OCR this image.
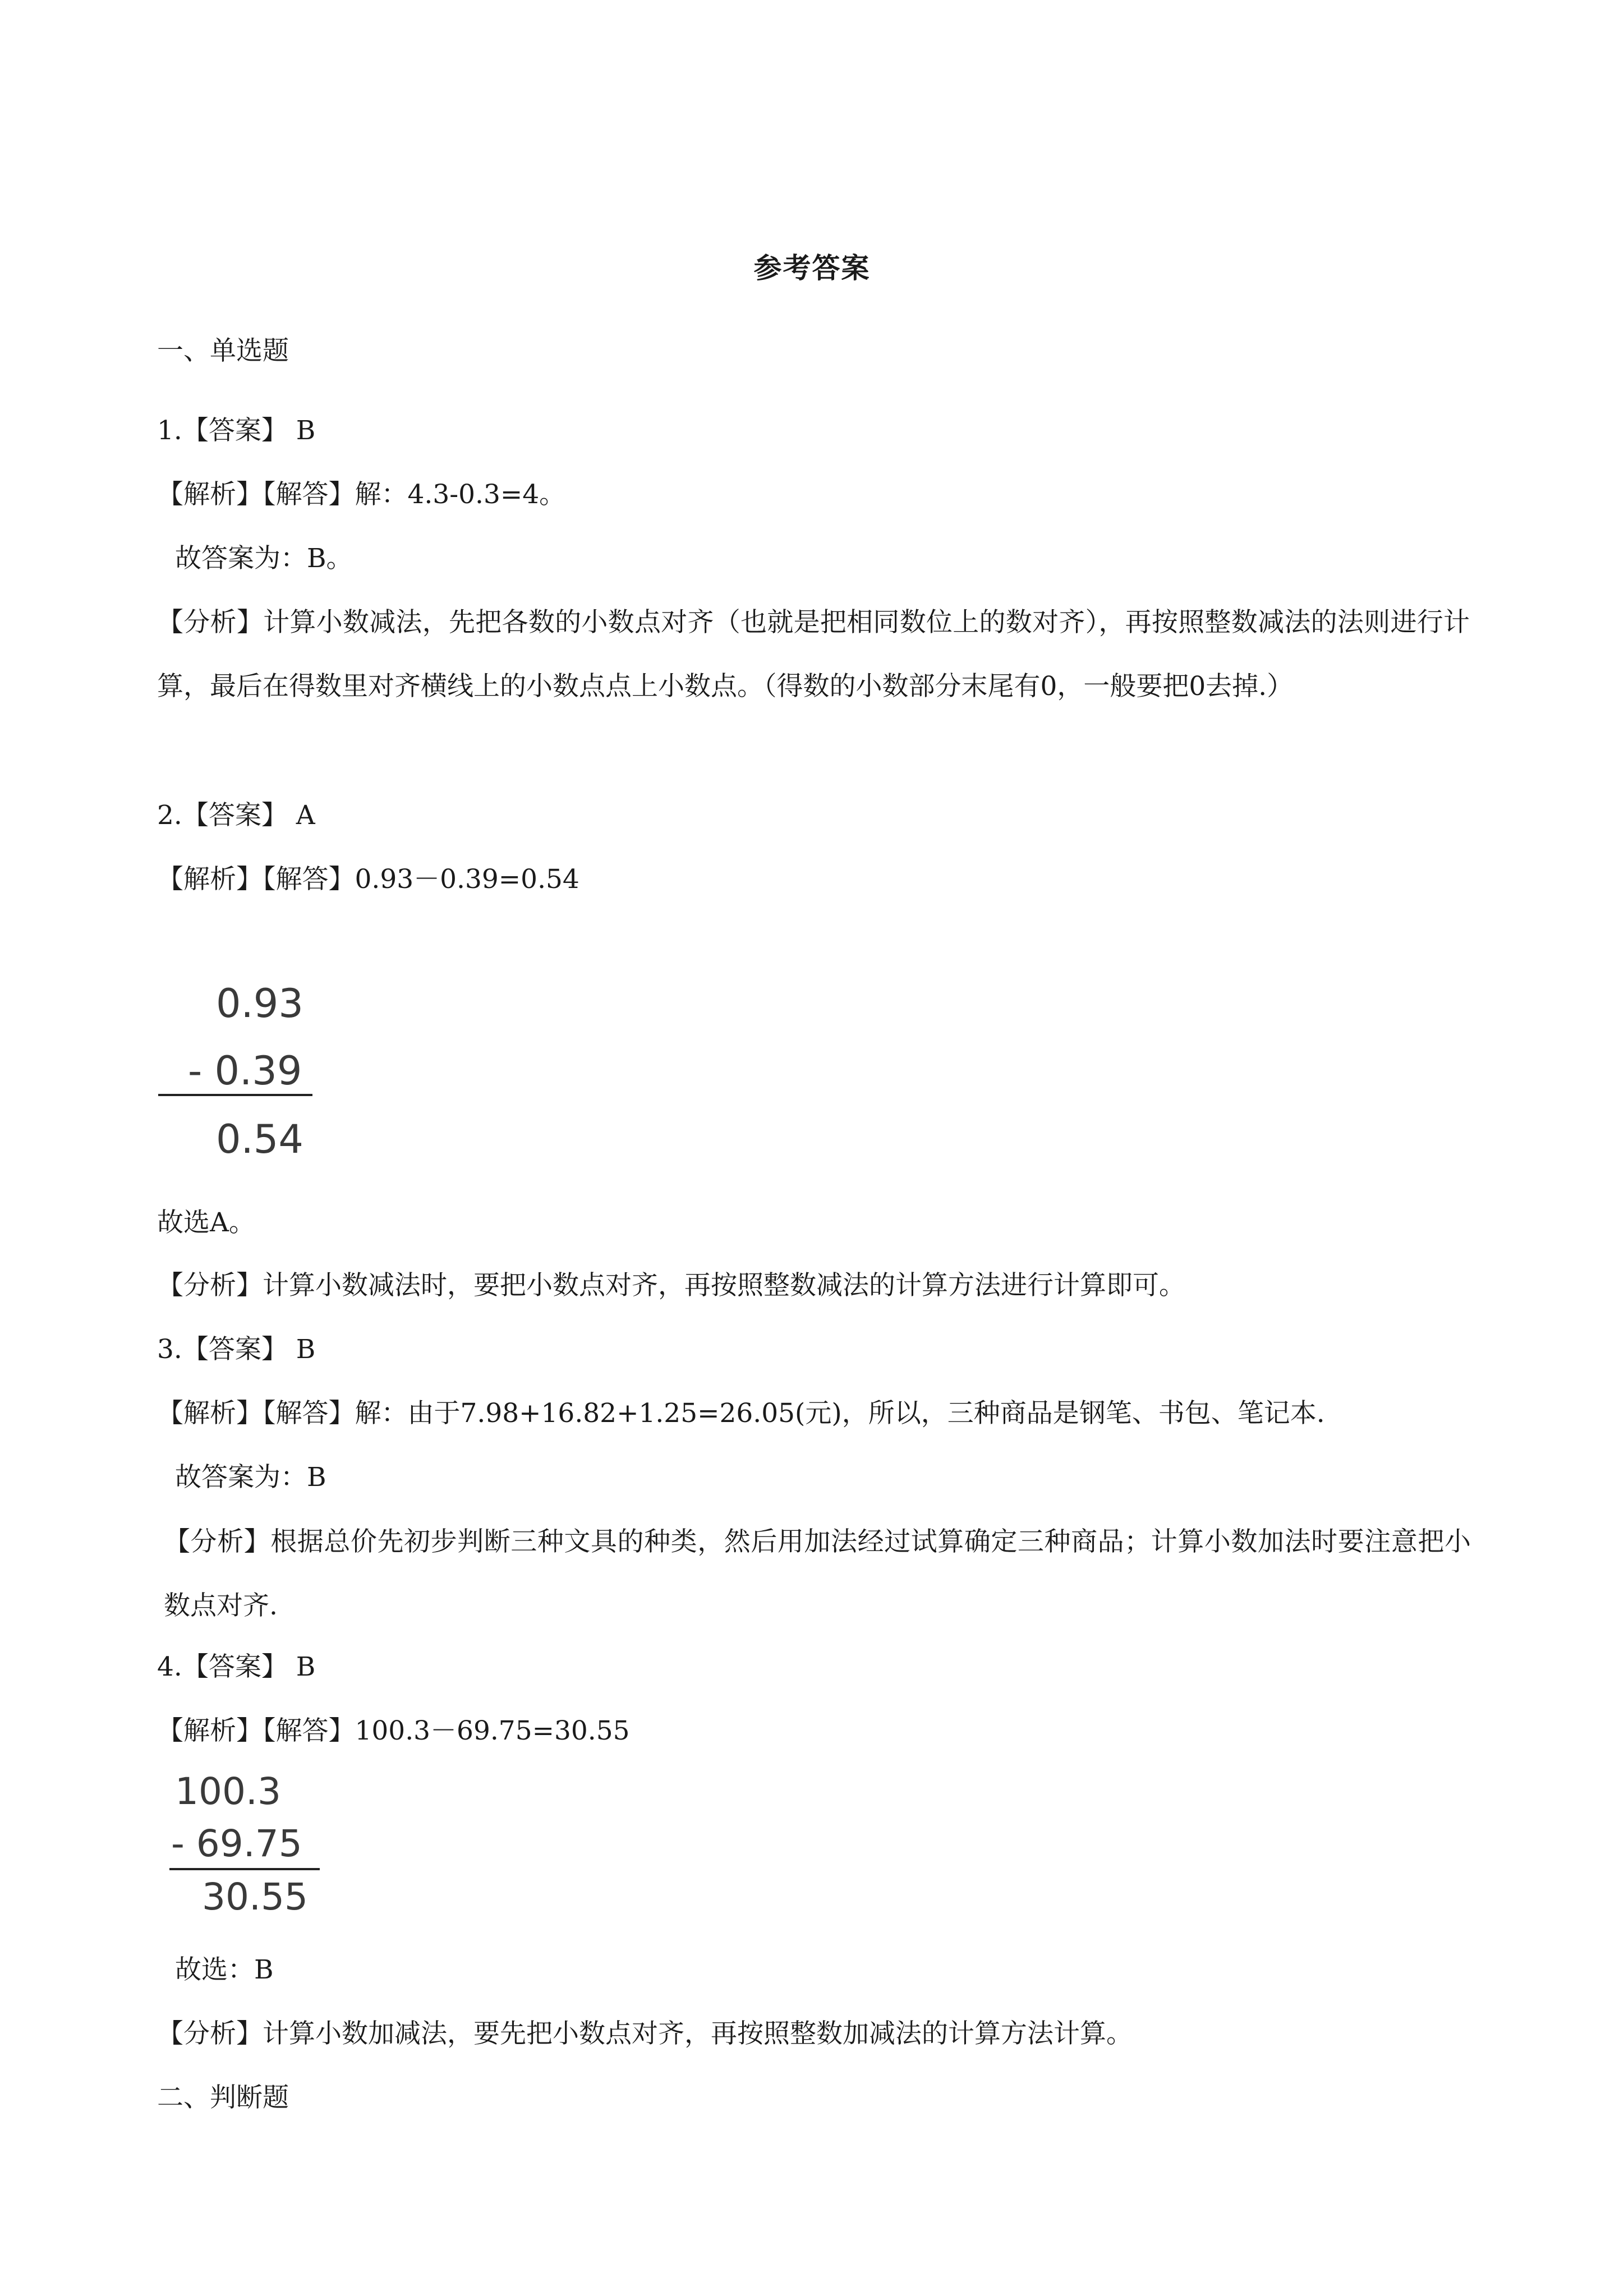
参考答案
一、单选题
1.【答案】 B
【解析】【解答】解：4.3-0.3=4。
故答案为：B。
【分析】计算小数减法，先把各数的小数点对齐（也就是把相同数位上的数对齐），再按照整数减法的法则进行计算，最后在得数里对齐横线上的小数点点上小数点。（得数的小数部分末尾有0，一般要把0去掉.）
2.【答案】 A
【解析】【解答】0.93－0.39=0.54
0.93
- 0.39
0.54
故选A。
【分析】计算小数减法时，要把小数点对齐，再按照整数减法的计算方法进行计算即可。
3.【答案】 B
【解析】【解答】解：由于7.98+16.82+1.25=26.05(元)，所以，三种商品是钢笔、书包、笔记本.
故答案为：B
【分析】根据总价先初步判断三种文具的种类，然后用加法经过试算确定三种商品；计算小数加法时要注意把小数点对齐.
4.【答案】 B
【解析】【解答】100.3－69.75=30.55
100.3
- 69.75
30.55
故选：B
【分析】计算小数加减法，要先把小数点对齐，再按照整数加减法的计算方法计算。
二、判断题
